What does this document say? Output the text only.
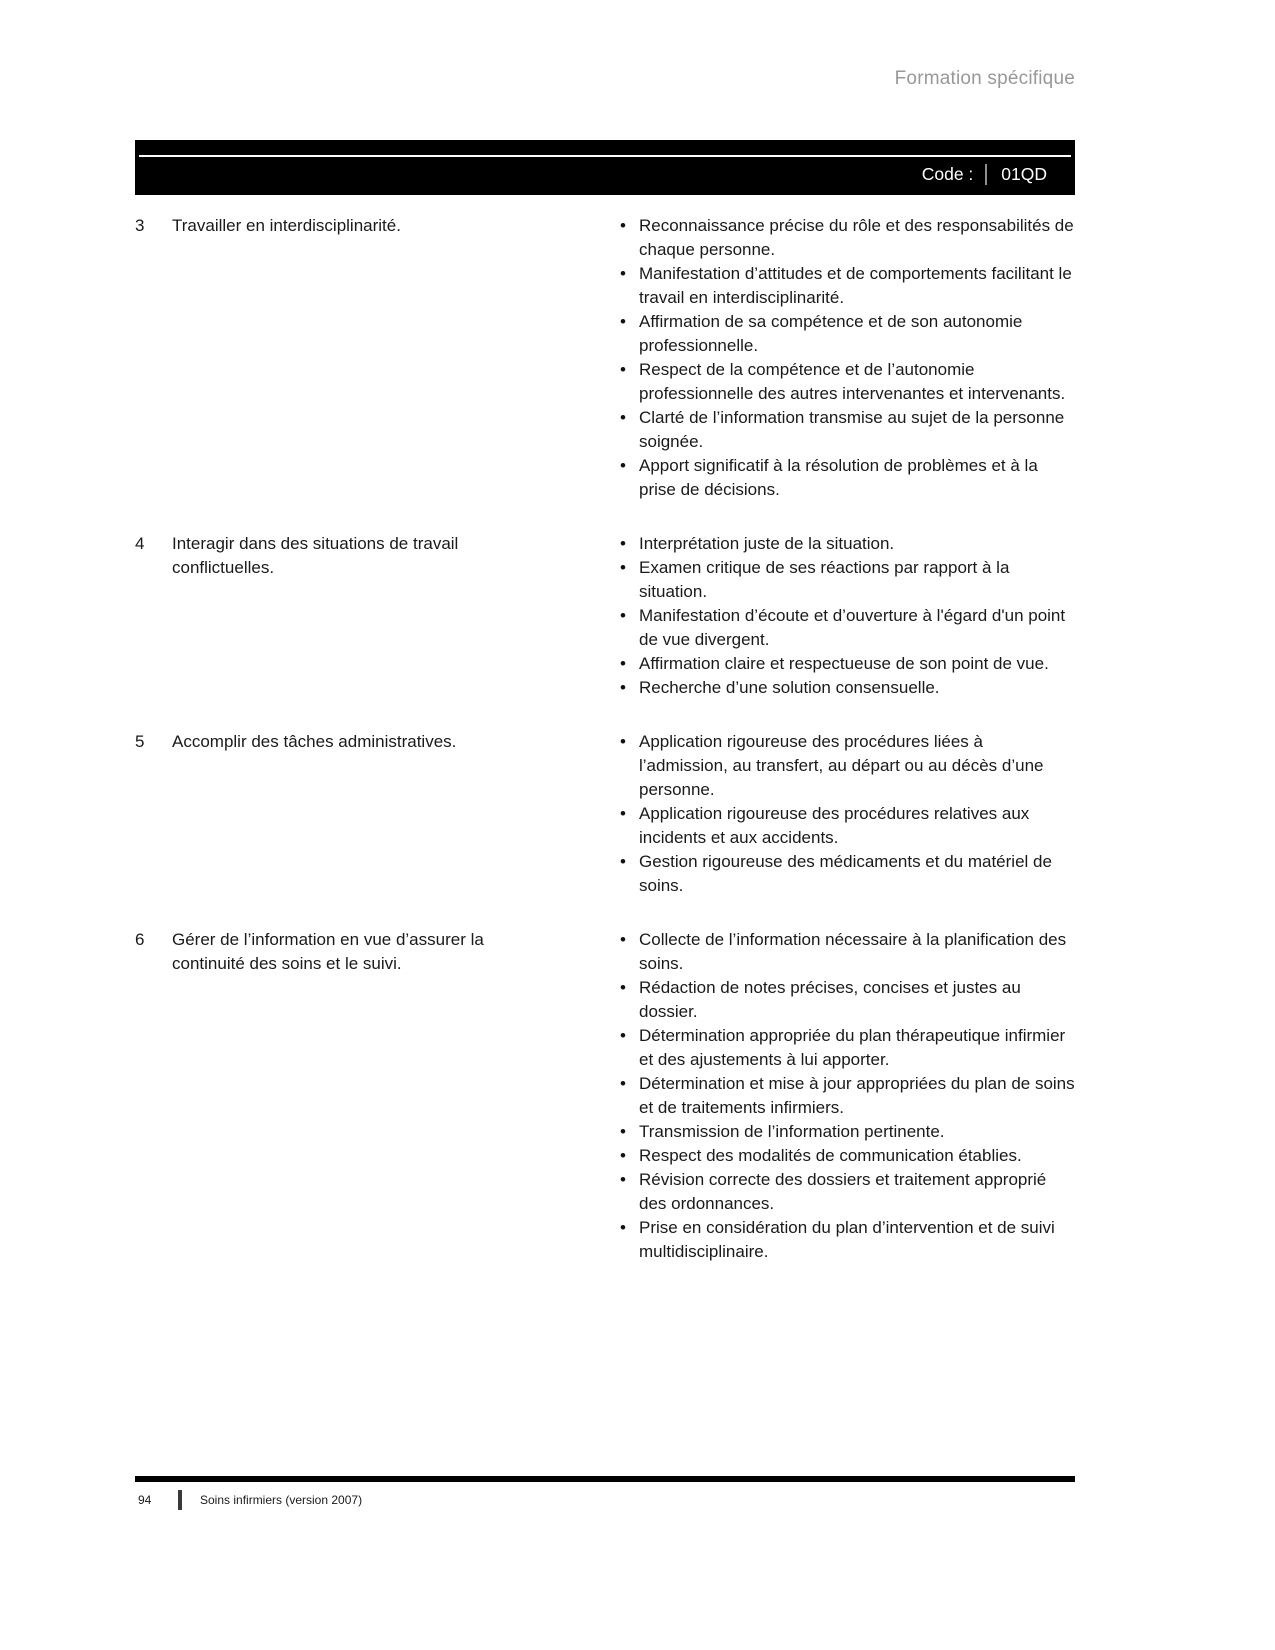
Formation spécifique
Code :	01QD
3	Travailler en interdisciplinarité.	• Reconnaissance précise du rôle et des responsabilités de chaque personne.
• Manifestation d’attitudes et de comportements facilitant le travail en interdisciplinarité.
• Affirmation de sa compétence et de son autonomie professionnelle.
• Respect de la compétence et de l’autonomie professionnelle des autres intervenantes et intervenants.
• Clarté de l’information transmise au sujet de la personne soignée.
• Apport significatif à la résolution de problèmes et à la prise de décisions.
4	Interagir dans des situations de travail conflictuelles.
• Interprétation juste de la situation.
• Examen critique de ses réactions par rapport à la situation.
• Manifestation d’écoute et d’ouverture à l'égard d'un point de vue divergent.
• Affirmation claire et respectueuse de son point de vue.
• Recherche d’une solution consensuelle.
5	Accomplir des tâches administratives.	• Application rigoureuse des procédures liées à l’admission, au transfert, au départ ou au décès d’une personne.
• Application rigoureuse des procédures relatives aux incidents et aux accidents.
• Gestion rigoureuse des médicaments et du matériel de soins.
6	Gérer de l’information en vue d’assurer la continuité des soins et le suivi.
• Collecte de l’information nécessaire à la planification des soins.
• Rédaction de notes précises, concises et justes au dossier.
• Détermination appropriée du plan thérapeutique infirmier et des ajustements à lui apporter.
• Détermination et mise à jour appropriées du plan de soins et de traitements infirmiers.
• Transmission de l’information pertinente.
• Respect des modalités de communication établies.
• Révision correcte des dossiers et traitement approprié des ordonnances.
• Prise en considération du plan d’intervention et de suivi multidisciplinaire.
94	Soins infirmiers (version 2007)
